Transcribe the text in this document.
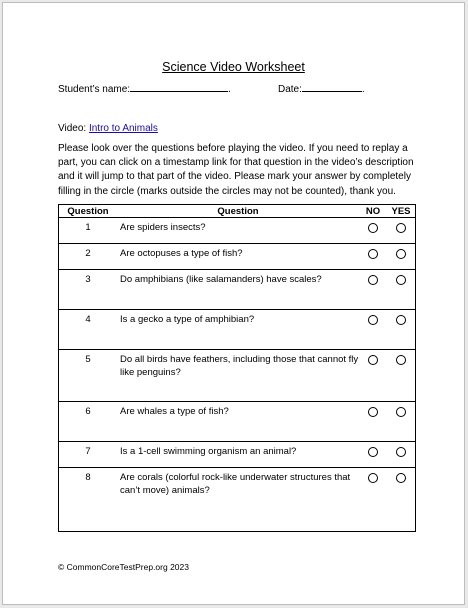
Science Video Worksheet
Student’s name:	.	Date:	.
Video: Intro to Animals
Please look over the questions before playing the video. If you need to replay a part, you can click on a timestamp link for that question in the video’s description and it will jump to that part of the video. Please mark your answer by completely filling in the circle (marks outside the circles may not be counted), thank you.
Question	Question	NO	YES
1	Are spiders insects?		
2	Are octopuses a type of fish?		
3	Do amphibians (like salamanders) have scales?		
4	Is a gecko a type of amphibian?		
5	Do all birds have feathers, including those that cannot fly like penguins?		
6	Are whales a type of fish?		
7	Is a 1-cell swimming organism an animal?		
8	Are corals (colorful rock-like underwater structures that can’t move) animals?		
© CommonCoreTestPrep.org 2023
